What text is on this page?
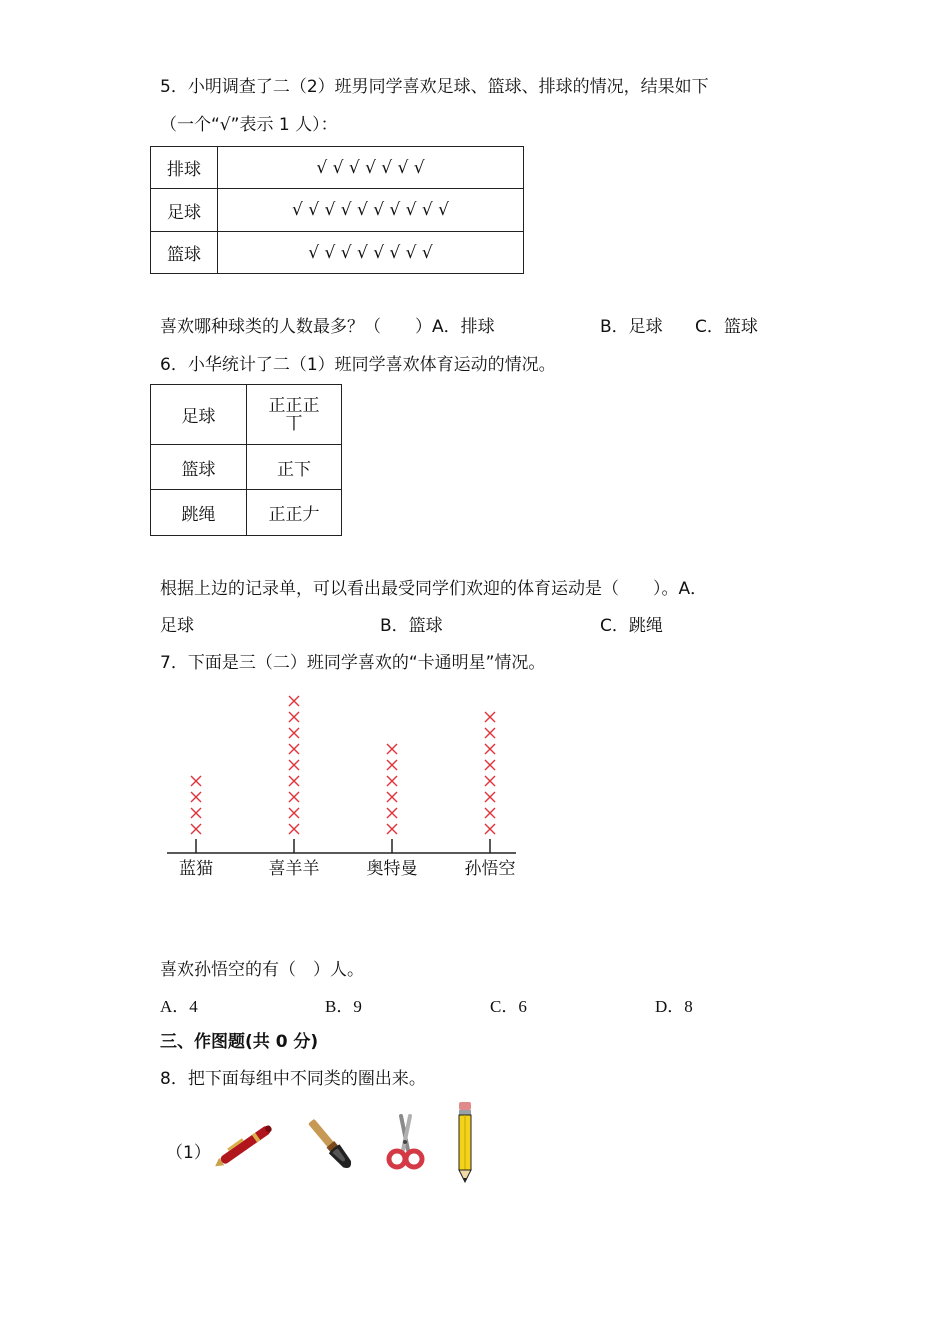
5．小明调查了二（2）班男同学喜欢足球、篮球、排球的情况，结果如下
（一个“√”表示 1 人）：
排球	√ √ √ √ √ √ √
足球	√ √ √ √ √ √ √ √ √ √
篮球	√ √ √ √ √ √ √ √
喜欢哪种球类的人数最多？（　　）A．排球	B．足球 C．篮球
6．小华统计了二（1）班同学喜欢体育运动的情况。
足球	正正正
丅

篮球	正下
跳绳	正正𠂇
根据上边的记录单，可以看出最受同学们欢迎的体育运动是（　　）。A．
足球	B．篮球	C．跳绳
7．下面是三（二）班同学喜欢的“卡通明星”情况。
蓝猫	喜羊羊	奥特曼	孙悟空
喜欢孙悟空的有（　）人。
A．4	B．9	C．6	D．8
三、作图题(共 0 分)
8．把下面每组中不同类的圈出来。
（1）
